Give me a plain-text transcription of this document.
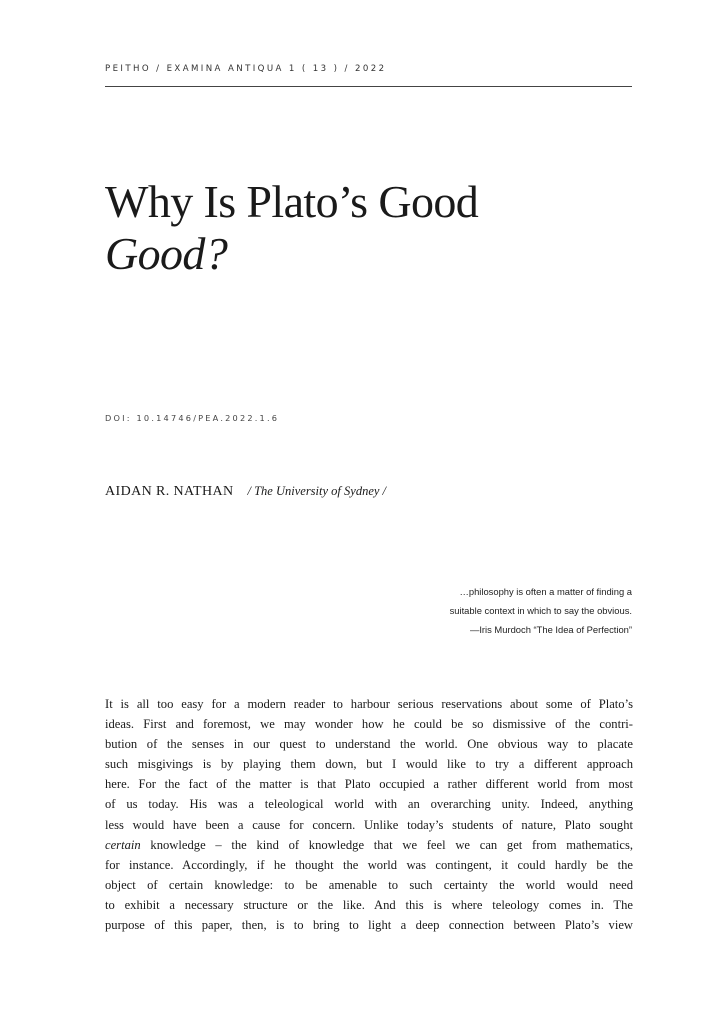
PEITHO / EXAMINA ANTIQUA 1 ( 13 ) / 2022
Why Is Plato’s Good
Good?
DOI: 10.14746/PEA.2022.1.6
AIDAN R. NATHAN / The University of Sydney /
…philosophy is often a matter of finding a
suitable context in which to say the obvious.
—Iris Murdoch “The Idea of Perfection”
It is all too easy for a modern reader to harbour serious reservations about some of Plato’s
ideas. First and foremost, we may wonder how he could be so dismissive of the contri-
bution of the senses in our quest to understand the world. One obvious way to placate
such misgivings is by playing them down, but I would like to try a different approach
here. For the fact of the matter is that Plato occupied a rather different world from most
of us today. His was a teleological world with an overarching unity. Indeed, anything
less would have been a cause for concern. Unlike today’s students of nature, Plato sought
certain knowledge – the kind of knowledge that we feel we can get from mathematics,
for instance. Accordingly, if he thought the world was contingent, it could hardly be the
object of certain knowledge: to be amenable to such certainty the world would need
to exhibit a necessary structure or the like. And this is where teleology comes in. The
purpose of this paper, then, is to bring to light a deep connection between Plato’s view
